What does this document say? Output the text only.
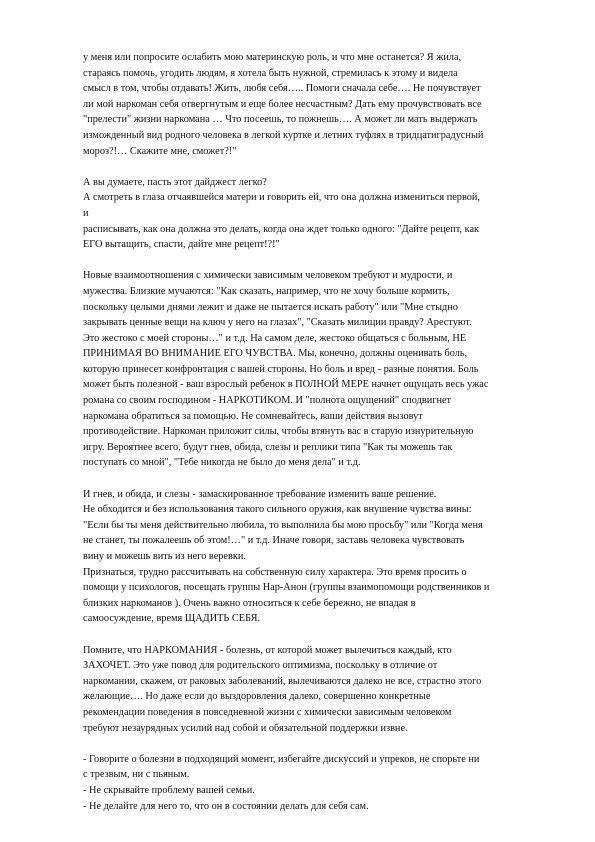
у меня или попросите ослабить мою материнскую роль, и что мне останется? Я жила,
стараясь помочь, угодить людям, я хотела быть нужной, стремилась к этому и видела
смысл в том, чтобы отдавать! Жить, любя себя….. Помоги сначала себе…. Не почувствует
ли мой наркоман себя отвергнутым и еще более несчастным? Дать ему прочувствовать все
"прелести" жизни наркомана … Что посеешь, то пожнешь…. А может ли мать выдержать
изможденный вид родного человека в легкой куртке и летних туфлях в тридцатиградусный
мороз?!… Скажите мне, сможет?!"
А вы думаете, пасть этот дайджест легко?
А смотреть в глаза отчаявшейся матери и говорить ей, что она должна измениться первой,
и
расписывать, как она должна это делать, когда она ждет только одного: "Дайте рецепт, как
ЕГО вытащить, спасти, дайте мне рецепт!?!"
Новые взаимоотношения с химически зависимым человеком требуют и мудрости, и
мужества. Близкие мучаются: "Как сказать, например, что не хочу больше кормить,
поскольку целыми днями лежит и даже не пытается искать работу" или "Мне стыдно
закрывать ценные вещи на ключ у него на глазах", "Сказать милиции правду? Арестуют.
Это жестоко с моей стороны…" и т.д. На самом деле, жестоко общаться с больным, НЕ
ПРИНИМАЯ ВО ВНИМАНИЕ ЕГО ЧУВСТВА. Мы, конечно, должны оценивать боль,
которую принесет конфронтация с вашей стороны. Но боль и вред - разные понятия. Боль
может быть полезной - ваш взрослый ребенок в ПОЛНОЙ МЕРЕ начнет ощущать весь ужас
романа со своим господином - НАРКОТИКОМ. И "полнота ощущений" сподвигнет
наркомана обратиться за помощью. Не сомневайтесь, ваши действия вызовут
противодействие. Наркоман приложит силы, чтобы втянуть вас в старую изнурительную
игру. Вероятнее всего, будут гнев, обида, слезы и реплики типа "Как ты можешь так
поступать со мной", "Тебе никогда не было до меня дела" и т.д.
И гнев, и обида, и слезы - замаскированное требование изменить ваше решение.
Не обходится и без использования такого сильного оружия, как внушение чувства вины:
"Если бы ты меня действительно любила, то выполнила бы мою просьбу" или "Когда меня
не станет, ты пожалеешь об этом!…" и т.д. Иначе говоря, заставь человека чувствовать
вину и можешь вить из него веревки.
Признаться, трудно рассчитывать на собственную силу характера. Это время просить о
помощи у психологов, посещать группы Нар-Анон (группы взаимопомощи родственников и
близких наркоманов ). Очень важно относиться к себе бережно, не впадая в
самоосуждение, время ЩАДИТЬ СЕБЯ.
Помните, что НАРКОМАНИЯ - болезнь, от которой может вылечиться каждый, кто
ЗАХОЧЕТ. Это уже повод для родительского оптимизма, поскольку в отличие от
наркомании, скажем, от раковых заболеваний, вылечиваются далеко не все, страстно этого
желающие…. Но даже если до выздоровления далеко, совершенно конкретные
рекомендации поведения в повседневной жизни с химически зависимым человеком
требуют незаурядных усилий над собой и обязательной поддержки извне.
- Говорите о болезни в подходящий момент, избегайте дискуссий и упреков, не спорьте ни
с трезвым, ни с пьяным.
- Не скрывайте проблему вашей семьи.
- Не делайте для него то, что он в состоянии делать для себя сам.
